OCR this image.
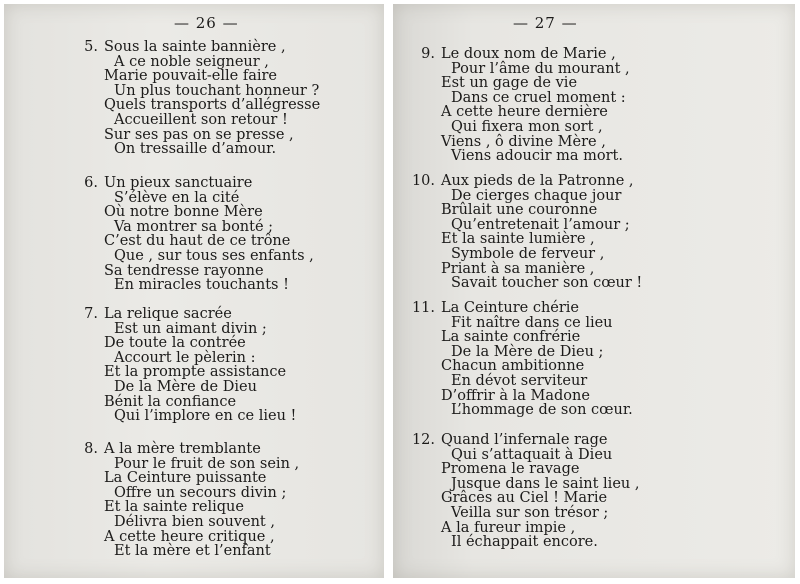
— 26 —
5. Sous la sainte bannière ,
A ce noble seigneur ,
Marie pouvait-elle faire
Un plus touchant honneur ?
Quels transports d’allégresse
Accueillent son retour !
Sur ses pas on se presse ,
On tressaille d’amour.
6. Un pieux sanctuaire
S’élève en la cité
Où notre bonne Mère
Va montrer sa bonté ;
C’est du haut de ce trône
Que , sur tous ses enfants ,
Sa tendresse rayonne
En miracles touchants !
7. La relique sacrée
Est un aimant divin ;
De toute la contrée
Accourt le pèlerin :
Et la prompte assistance
De la Mère de Dieu
Bénit la confiance
Qui l’implore en ce lieu !
8. A la mère tremblante
Pour le fruit de son sein ,
La Ceinture puissante
Offre un secours divin ;
Et la sainte relique
Délivra bien souvent ,
A cette heure critique ,
Et la mère et l’enfant
— 27 —
9. Le doux nom de Marie ,
Pour l’âme du mourant ,
Est un gage de vie
Dans ce cruel moment :
A cette heure dernière
Qui fixera mon sort ,
Viens , ô divine Mère ,
Viens adoucir ma mort.
10. Aux pieds de la Patronne ,
De cierges chaque jour
Brûlait une couronne
Qu’entretenait l’amour ;
Et la sainte lumière ,
Symbole de ferveur ,
Priant à sa manière ,
Savait toucher son cœur !
11. La Ceinture chérie
Fit naître dans ce lieu
La sainte confrérie
De la Mère de Dieu ;
Chacun ambitionne
En dévot serviteur
D’offrir à la Madone
L’hommage de son cœur.
12. Quand l’infernale rage
Qui s’attaquait à Dieu
Promena le ravage
Jusque dans le saint lieu ,
Grâces au Ciel ! Marie
Veilla sur son trésor ;
A la fureur impie ,
Il échappait encore.
